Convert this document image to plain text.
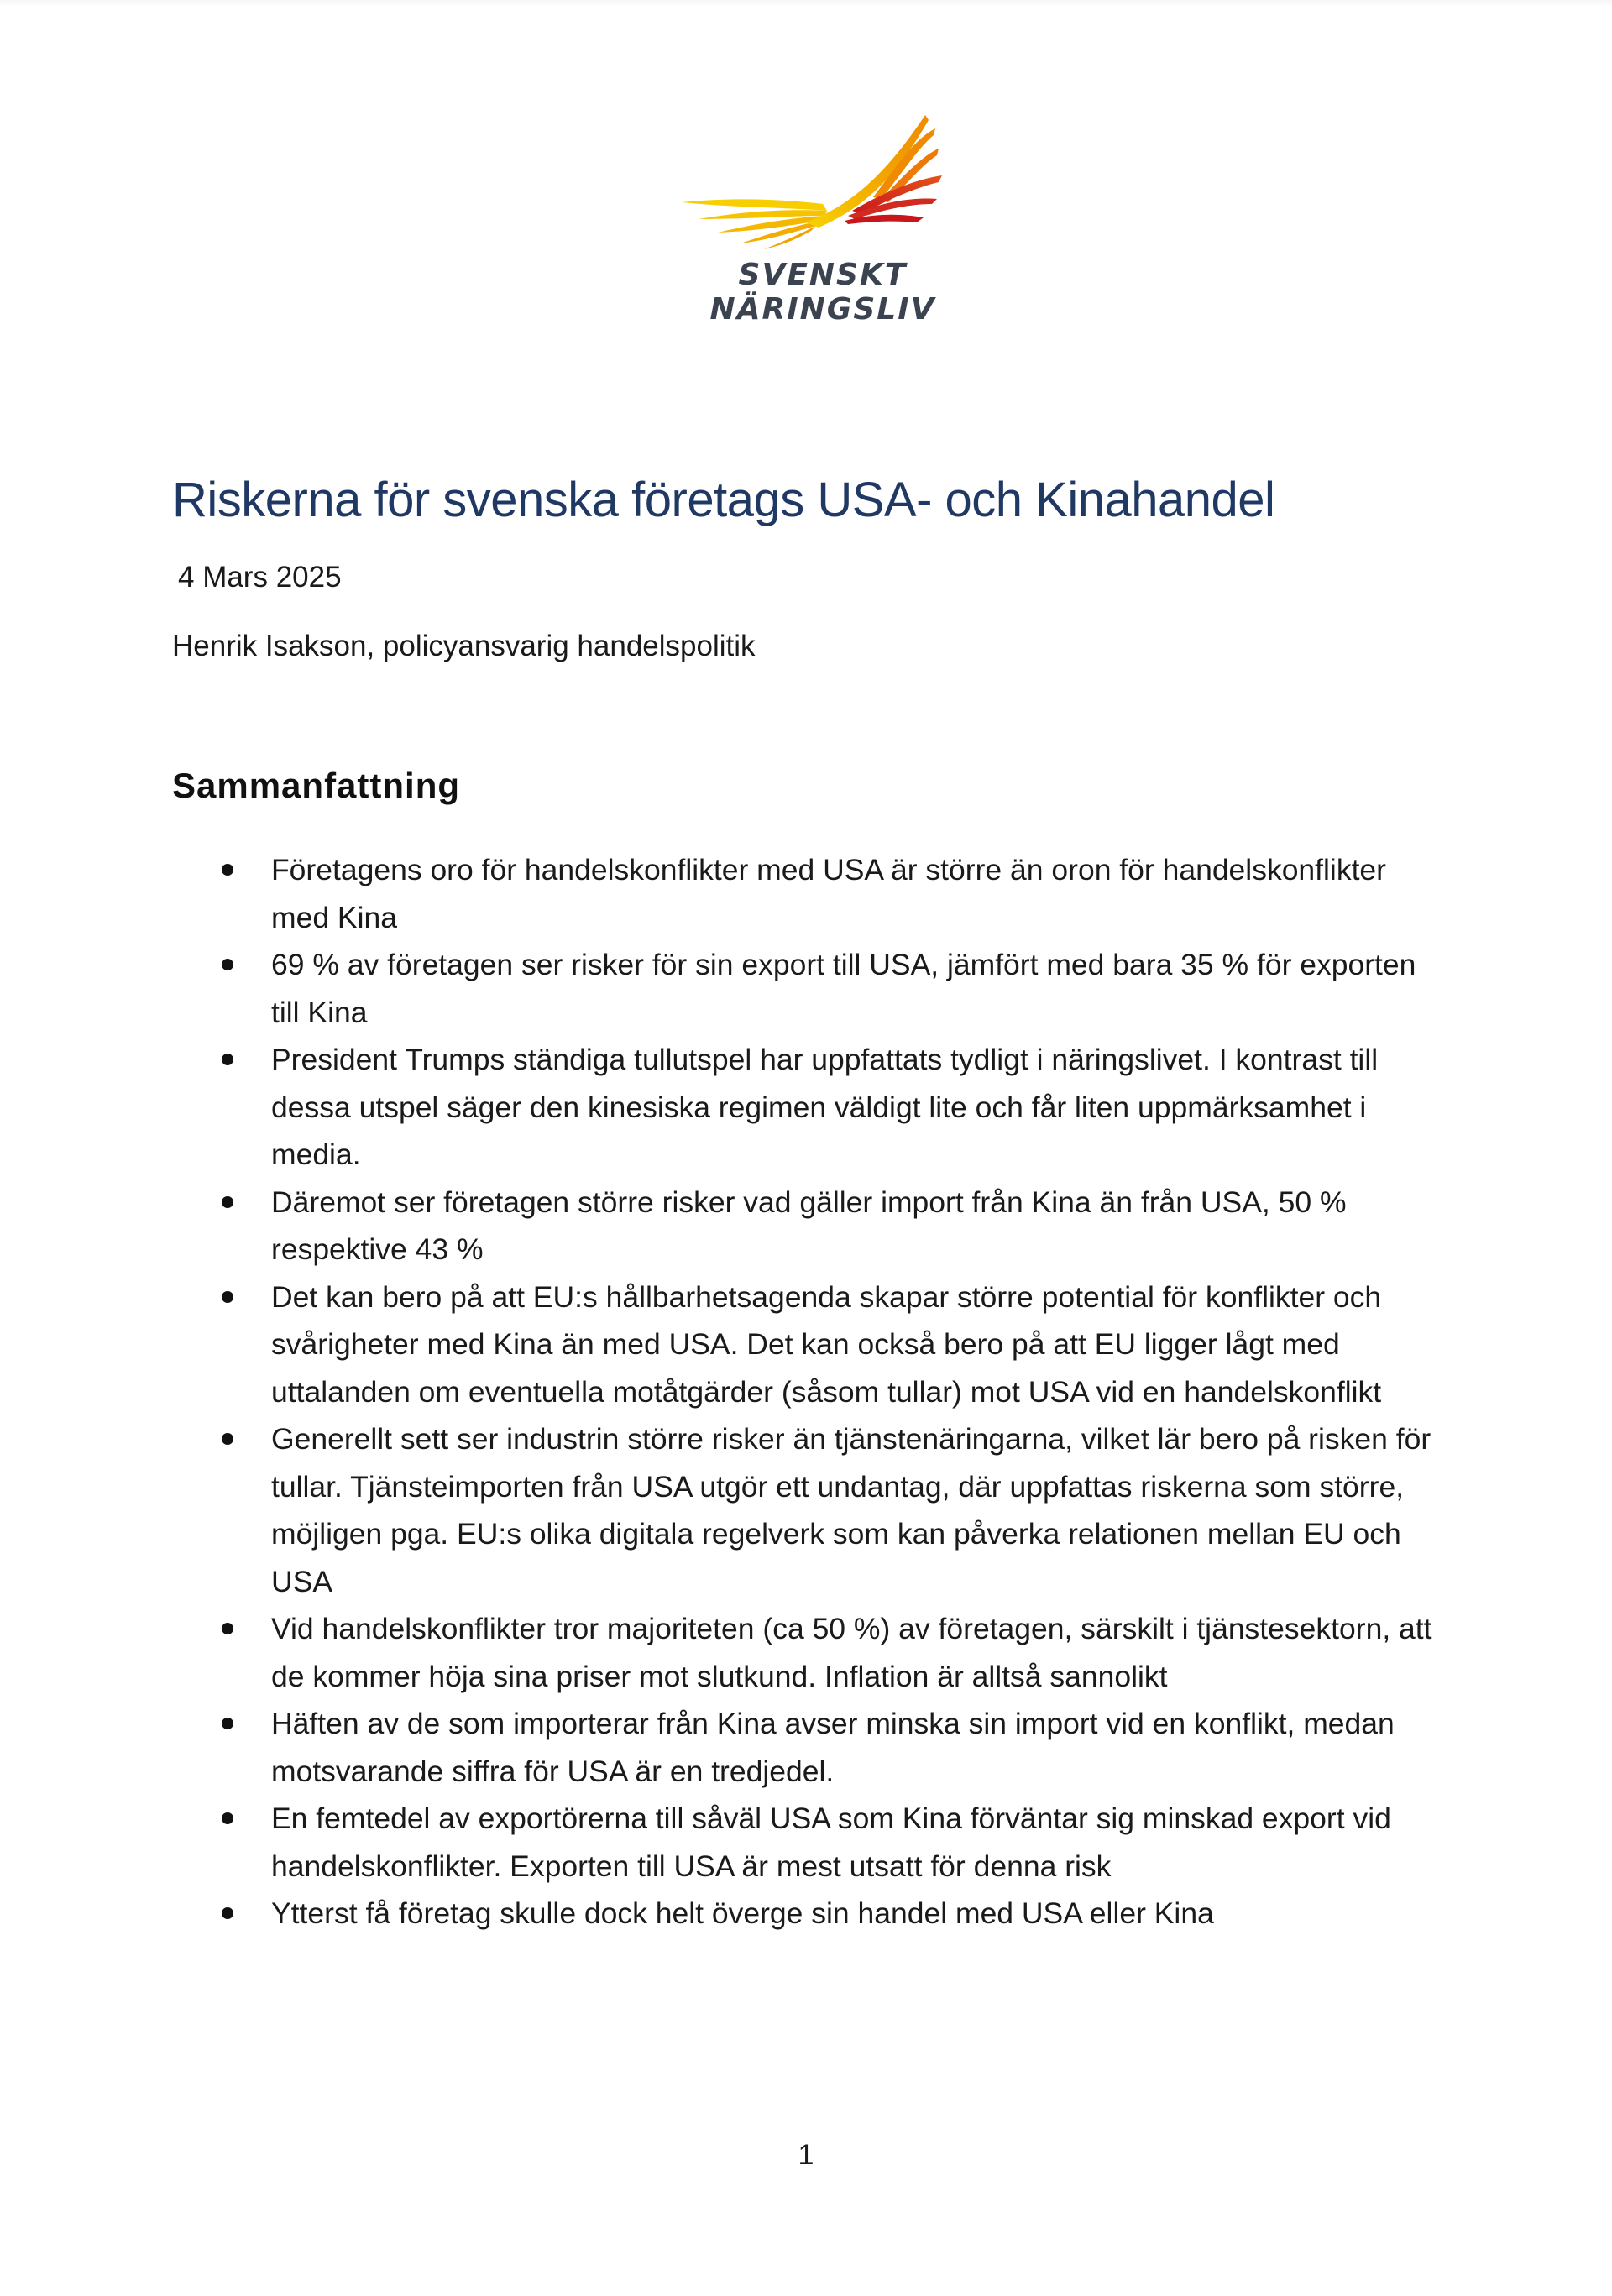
SVENSKT NÄRINGSLIV
Riskerna för svenska företags USA- och Kinahandel
4 Mars 2025
Henrik Isakson, policyansvarig handelspolitik
Sammanfattning
Företagens oro för handelskonflikter med USA är större än oron för handelskonflikter med Kina
69 % av företagen ser risker för sin export till USA, jämfört med bara 35 % för exporten till Kina
President Trumps ständiga tullutspel har uppfattats tydligt i näringslivet. I kontrast till dessa utspel säger den kinesiska regimen väldigt lite och får liten uppmärksamhet i media.
Däremot ser företagen större risker vad gäller import från Kina än från USA, 50 % respektive 43 %
Det kan bero på att EU:s hållbarhetsagenda skapar större potential för konflikter och svårigheter med Kina än med USA. Det kan också bero på att EU ligger lågt med uttalanden om eventuella motåtgärder (såsom tullar) mot USA vid en handelskonflikt
Generellt sett ser industrin större risker än tjänstenäringarna, vilket lär bero på risken för tullar. Tjänsteimporten från USA utgör ett undantag, där uppfattas riskerna som större, möjligen pga. EU:s olika digitala regelverk som kan påverka relationen mellan EU och USA
Vid handelskonflikter tror majoriteten (ca 50 %) av företagen, särskilt i tjänstesektorn, att de kommer höja sina priser mot slutkund. Inflation är alltså sannolikt
Häften av de som importerar från Kina avser minska sin import vid en konflikt, medan motsvarande siffra för USA är en tredjedel.
En femtedel av exportörerna till såväl USA som Kina förväntar sig minskad export vid handelskonflikter. Exporten till USA är mest utsatt för denna risk
Ytterst få företag skulle dock helt överge sin handel med USA eller Kina
1
